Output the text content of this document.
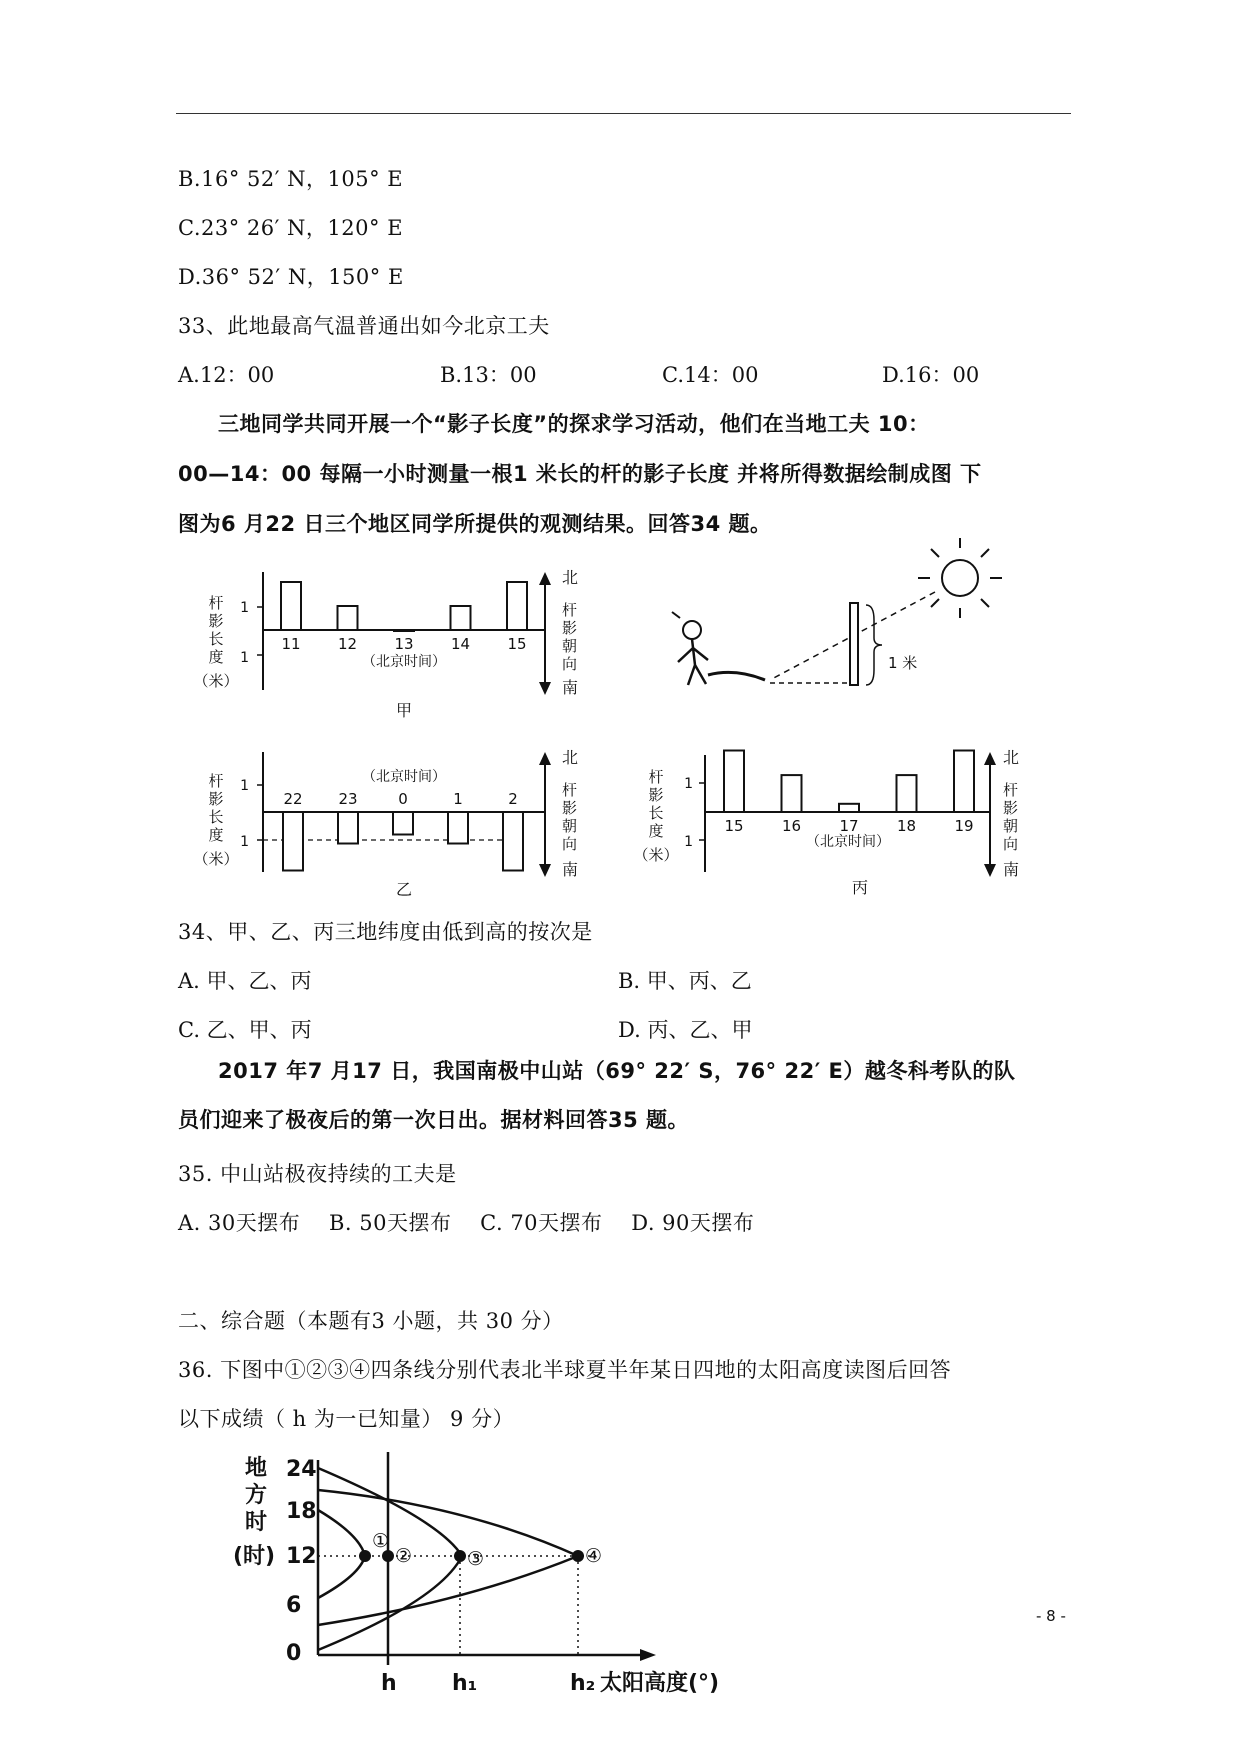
B.16° 52′ N，105° E
C.23° 26′ N，120° E
D.36° 52′ N，150° E
33、此地最高气温普通出如今北京工夫
A.12：00	B.13：00	C.14：00	D.16：00
三地同学共同开展一个“影子长度”的探求学习活动，他们在当地工夫 10：
00—14：00 每隔一小时测量一根1 米长的杆的影子长度 并将所得数据绘制成图 下
图为6 月22 日三个地区同学所提供的观测结果。回答34 题。
1
1
11 12 13 14 15
（北京时间）
甲
杆
影
长
度
（米）
北
杆
影
朝
向
南
1
1
22 23	0	1	2
（北京时间）
乙
杆
影
长
度
（米）
北
杆
影
朝
向
南
1
1
15	16	17	18	19
（北京时间）
丙
杆
影
长
度
（米）
北
杆
影
朝
向
南
1 米
①
②	③	④
地
方
时
(时)
24
18
12
6
0
h	h₁	h₂ 太阳高度(°)
34、甲、乙、丙三地纬度由低到高的按次是
A. 甲、乙、丙	B. 甲、丙、乙
C. 乙、甲、丙	D. 丙、乙、甲
2017 年7 月17 日，我国南极中山站（69° 22′ S，76° 22′ E）越冬科考队的队
员们迎来了极夜后的第一次日出。据材料回答35 题。
35. 中山站极夜持续的工夫是
A. 30天摆布    B. 50天摆布    C. 70天摆布    D. 90天摆布
二、综合题（本题有3 小题，共 30 分）
36. 下图中①②③④四条线分别代表北半球夏半年某日四地的太阳高度读图后回答
以下成绩（ h 为一已知量） 9 分）
- 8 -
